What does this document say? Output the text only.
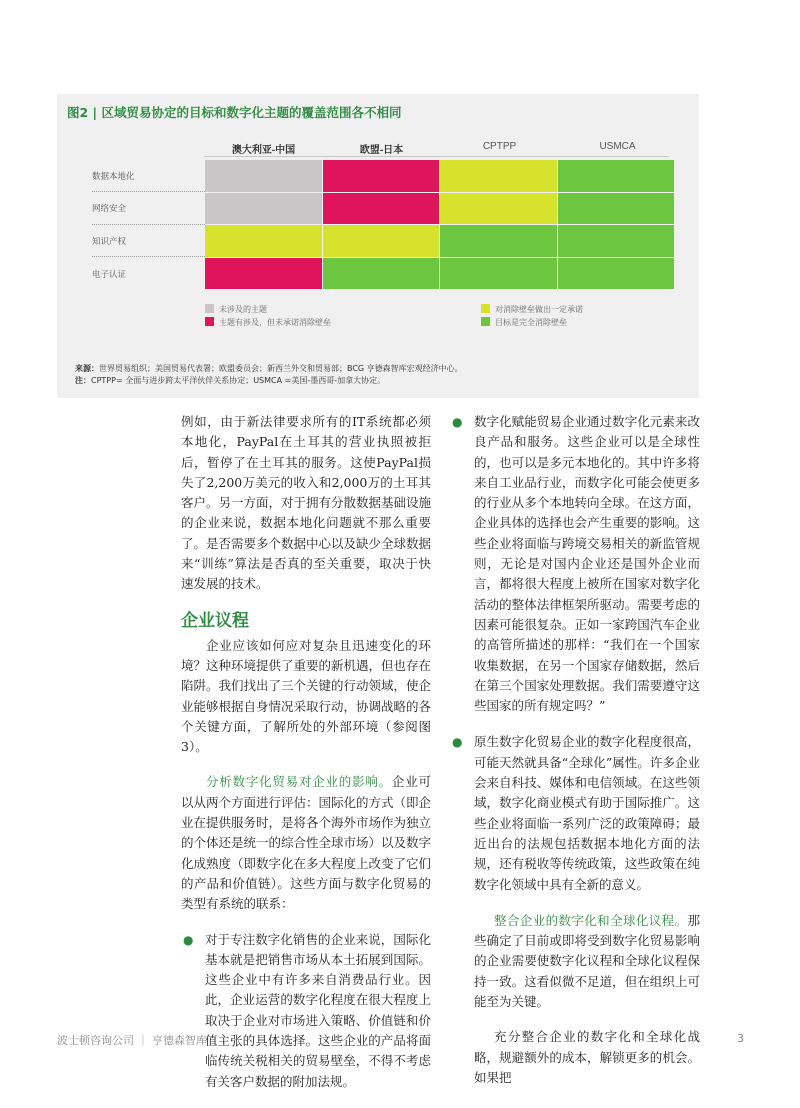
图2 | 区域贸易协定的目标和数字化主题的覆盖范围各不相同
澳大利亚-中国	欧盟-日本	CPTPP	USMCA
数据本地化
网络安全
知识产权
电子认证
未涉及的主题
主题有涉及，但未承诺消除壁垒
对消除壁垒做出一定承诺
目标是完全消除壁垒
来源：世界贸易组织；美国贸易代表署；欧盟委员会；新西兰外交和贸易部；BCG 亨德森智库宏观经济中心。
注：CPTPP= 全面与进步跨太平洋伙伴关系协定；USMCA =美国-墨西哥-加拿大协定。

例如，由于新法律要求所有的IT系统都必须本地化，PayPal在土耳其的营业执照被拒后，暂停了在土耳其的服务。这使PayPal损失了2,200万美元的收入和2,000万的土耳其客户。另一方面，对于拥有分散数据基础设施的企业来说，数据本地化问题就不那么重要了。是否需要多个数据中心以及缺少全球数据来“训练”算法是否真的至关重要，取决于快速发展的技术。

企业议程

企业应该如何应对复杂且迅速变化的环境？这种环境提供了重要的新机遇，但也存在陷阱。我们找出了三个关键的行动领域，使企业能够根据自身情况采取行动，协调战略的各个关键方面，了解所处的外部环境（参阅图3）。

分析数字化贸易对企业的影响。企业可以从两个方面进行评估：国际化的方式（即企业在提供服务时，是将各个海外市场作为独立的个体还是统一的综合性全球市场）以及数字化成熟度（即数字化在多大程度上改变了它们的产品和价值链）。这些方面与数字化贸易的类型有系统的联系：

● 对于专注数字化销售的企业来说，国际化基本就是把销售市场从本土拓展到国际。这些企业中有许多来自消费品行业。因此，企业运营的数字化程度在很大程度上取决于企业对市场进入策略、价值链和价值主张的具体选择。这些企业的产品将面临传统关税相关的贸易壁垒，不得不考虑有关客户数据的附加法规。
● 数字化赋能贸易企业通过数字化元素来改良产品和服务。这些企业可以是全球性的，也可以是多元本地化的。其中许多将来自工业品行业，而数字化可能会使更多的行业从多个本地转向全球。在这方面，企业具体的选择也会产生重要的影响。这些企业将面临与跨境交易相关的新监管规则，无论是对国内企业还是国外企业而言，都将很大程度上被所在国家对数字化活动的整体法律框架所驱动。需要考虑的因素可能很复杂。正如一家跨国汽车企业的高管所描述的那样：“我们在一个国家收集数据，在另一个国家存储数据，然后在第三个国家处理数据。我们需要遵守这些国家的所有规定吗？”
● 原生数字化贸易企业的数字化程度很高，可能天然就具备“全球化”属性。许多企业会来自科技、媒体和电信领域。在这些领域，数字化商业模式有助于国际推广。这些企业将面临一系列广泛的政策障碍；最近出台的法规包括数据本地化方面的法规，还有税收等传统政策，这些政策在纯数字化领域中具有全新的意义。

整合企业的数字化和全球化议程。那些确定了目前或即将受到数字化贸易影响的企业需要使数字化议程和全球化议程保持一致。这看似微不足道，但在组织上可能至为关键。

充分整合企业的数字化和全球化战略，规避额外的成本，解锁更多的机会。如果把

波士顿咨询公司 ｜ 亨德森智库	3
